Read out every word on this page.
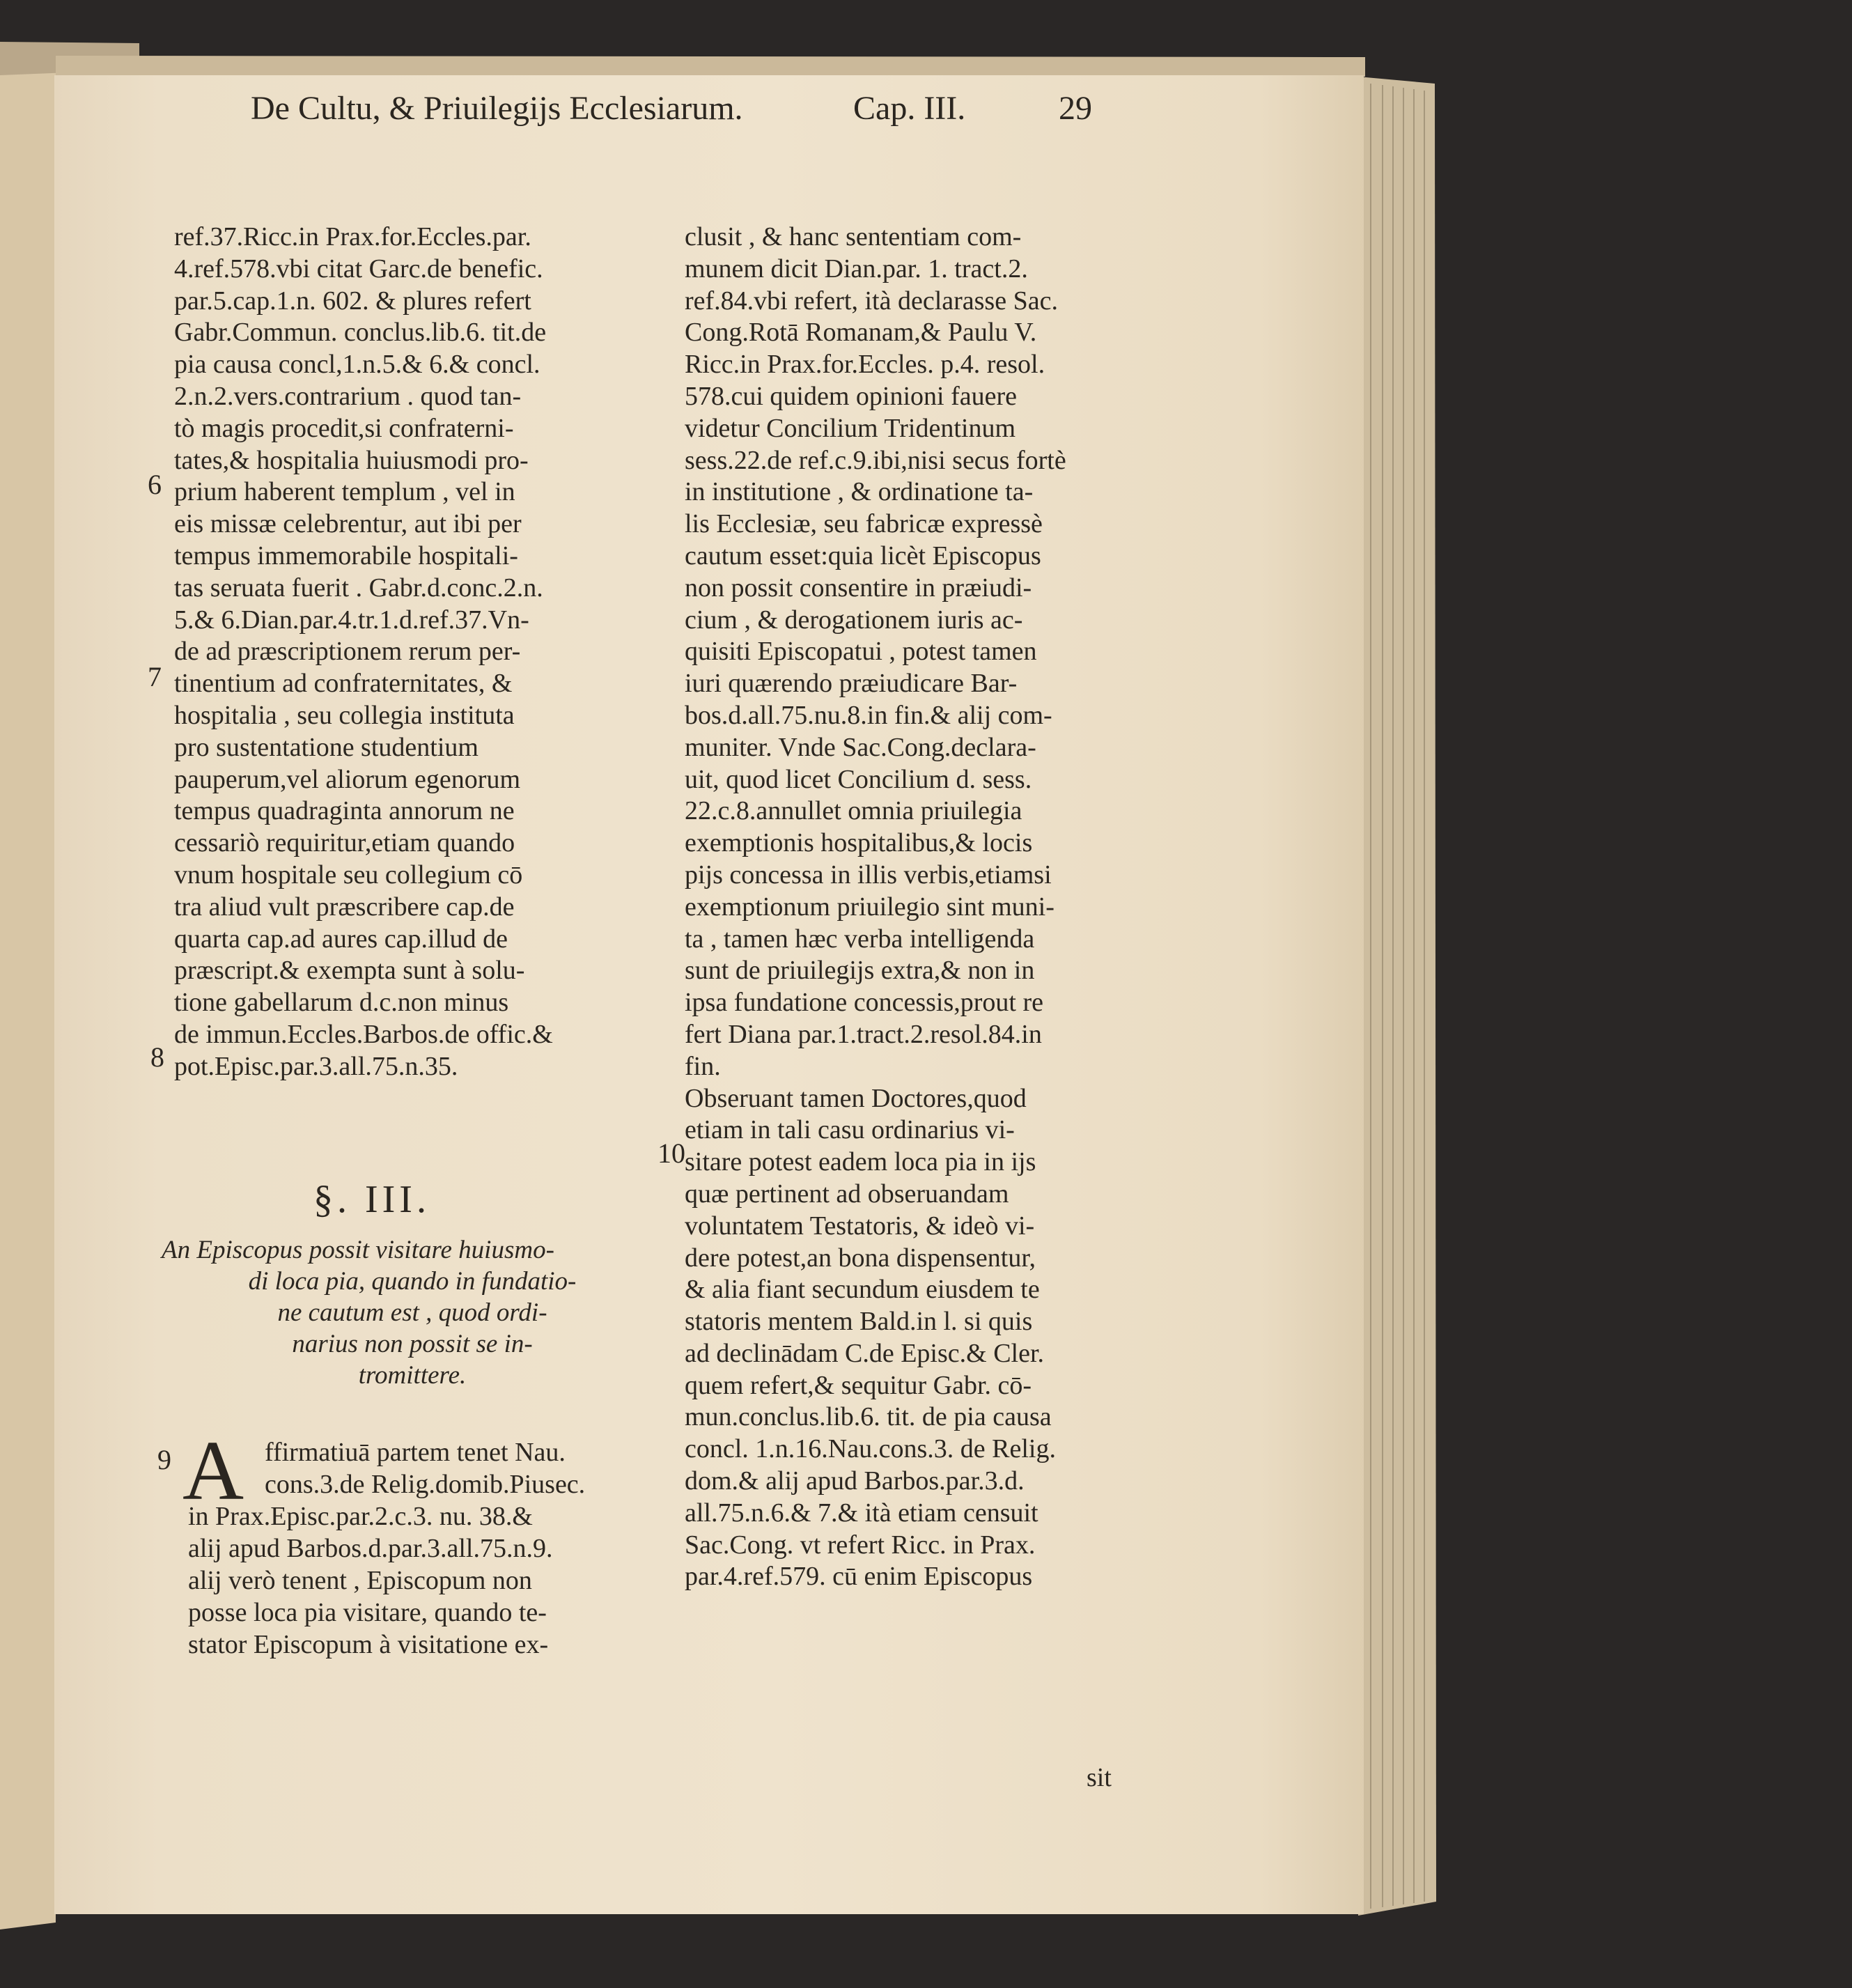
De Cultu, & Priuilegijs Ecclesiarum.	Cap. III.	29
ref.37.Ricc.in Prax.for.Eccles.par.
4.ref.578.vbi citat Garc.de benefic.
par.5.cap.1.n. 602. & plures refert
Gabr.Commun. conclus.lib.6. tit.de
pia causa concl,1.n.5.& 6.& concl.
2.n.2.vers.contrarium . quod tan-
tò magis procedit,si confraterni-
tates,& hospitalia huiusmodi pro-
prium haberent templum , vel in
eis missæ celebrentur, aut ibi per
tempus immemorabile hospitali-
tas seruata fuerit . Gabr.d.conc.2.n.
5.& 6.Dian.par.4.tr.1.d.ref.37.Vn-
de ad præscriptionem rerum per-
tinentium ad confraternitates, &
hospitalia , seu collegia instituta
pro sustentatione studentium
pauperum,vel aliorum egenorum
tempus quadraginta annorum ne
cessariò requiritur,etiam quando
vnum hospitale seu collegium cō
tra aliud vult præscribere cap.de
quarta cap.ad aures cap.illud de
præscript.& exempta sunt à solu-
tione gabellarum d.c.non minus
de immun.Eccles.Barbos.de offic.&
pot.Episc.par.3.all.75.n.35.
6
7
8
9
10
§. III.
An Episcopus possit visitare huiusmo-
di loca pia, quando in fundatio-
ne cautum est , quod ordi-
narius non possit se in-
tromittere.
A ffirmatiuā partem tenet Nau.
cons.3.de Relig.domib.Piusec.
in Prax.Episc.par.2.c.3. nu. 38.&
alij apud Barbos.d.par.3.all.75.n.9.
alij verò tenent , Episcopum non
posse loca pia visitare, quando te-
stator Episcopum à visitatione ex-
clusit , & hanc sententiam com-
munem dicit Dian.par. 1. tract.2.
ref.84.vbi refert, ità declarasse Sac.
Cong.Rotā Romanam,& Paulu V.
Ricc.in Prax.for.Eccles. p.4. resol.
578.cui quidem opinioni fauere
videtur Concilium Tridentinum
sess.22.de ref.c.9.ibi,nisi secus fortè
in institutione , & ordinatione ta-
lis Ecclesiæ, seu fabricæ expressè
cautum esset:quia licèt Episcopus
non possit consentire in præiudi-
cium , & derogationem iuris ac-
quisiti Episcopatui , potest tamen
iuri quærendo præiudicare Bar-
bos.d.all.75.nu.8.in fin.& alij com-
muniter. Vnde Sac.Cong.declara-
uit, quod licet Concilium d. sess.
22.c.8.annullet omnia priuilegia
exemptionis hospitalibus,& locis
pijs concessa in illis verbis,etiamsi
exemptionum priuilegio sint muni-
ta , tamen hæc verba intelligenda
sunt de priuilegijs extra,& non in
ipsa fundatione concessis,prout re
fert Diana par.1.tract.2.resol.84.in
fin.
Obseruant tamen Doctores,quod
etiam in tali casu ordinarius vi-
sitare potest eadem loca pia in ijs
quæ pertinent ad obseruandam
voluntatem Testatoris, & ideò vi-
dere potest,an bona dispensentur,
& alia fiant secundum eiusdem te
statoris mentem Bald.in l. si quis
ad declinādam C.de Episc.& Cler.
quem refert,& sequitur Gabr. cō-
mun.conclus.lib.6. tit. de pia causa
concl. 1.n.16.Nau.cons.3. de Relig.
dom.& alij apud Barbos.par.3.d.
all.75.n.6.& 7.& ità etiam censuit
Sac.Cong. vt refert Ricc. in Prax.
par.4.ref.579. cū enim Episcopus
sit
